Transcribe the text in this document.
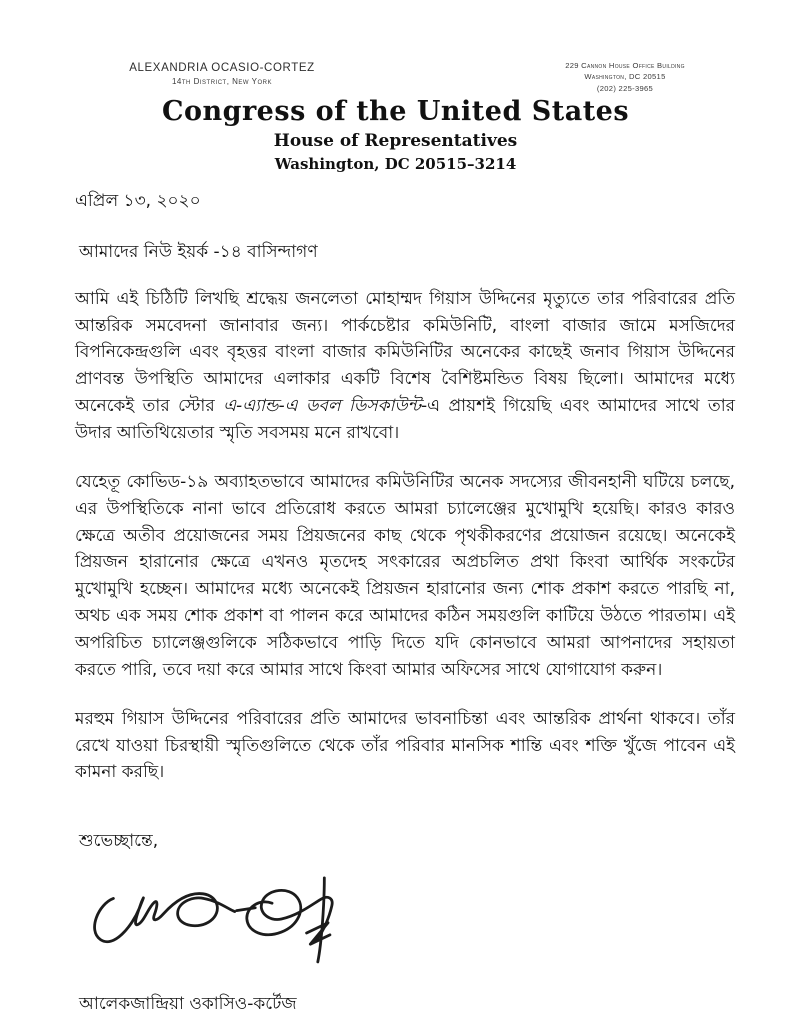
ALEXANDRIA OCASIO-CORTEZ
14th District, New York
229 Cannon House Office Building
Washington, DC 20515
(202) 225-3965
Congress of the United States
House of Representatives
Washington, DC 20515–3214
এপ্রিল ১৩, ২০২০
আমাদের নিউ ইয়র্ক -১৪ বাসিন্দাগণ

আমি এই চিঠিটি লিখছি শ্রদ্ধেয় জনলেতা মোহাম্মদ গিয়াস উদ্দিনের মৃত্যুতে তার পরিবারের প্রতি আন্তরিক সমবেদনা জানাবার জন্য। পার্কচেষ্টার কমিউনিটি, বাংলা বাজার জামে মসজিদের বিপনিকেন্দ্রগুলি এবং বৃহত্তর বাংলা বাজার কমিউনিটির অনেকের কাছেই জনাব গিয়াস উদ্দিনের প্রাণবন্ত উপস্থিতি আমাদের এলাকার একটি বিশেষ বৈশিষ্টমন্ডিত বিষয় ছিলো। আমাদের মধ্যে অনেকেই তার স্টোর এ-এ্যান্ড-এ ডবল ডিসকাউন্ট-এ প্রায়শই গিয়েছি এবং আমাদের সাথে তার উদার আতিথিয়েতার স্মৃতি সবসময় মনে রাখবো।

যেহেতূ কোভিড-১৯ অব্যাহতভাবে আমাদের কমিউনিটির অনেক সদস্যের জীবনহানী ঘটিয়ে চলছে, এর উপস্থিতিকে নানা ভাবে প্রতিরোধ করতে আমরা চ্যালেঞ্জের মুখোমুখি হয়েছি। কারও কারও ক্ষেত্রে অতীব প্রয়োজনের সময় প্রিয়জনের কাছ থেকে পৃথকীকরণের প্রয়োজন রয়েছে। অনেকেই প্রিয়জন হারানোর ক্ষেত্রে এখনও মৃতদেহ সৎকারের অপ্রচলিত প্রথা কিংবা আর্থিক সংকটের মুখোমুখি হচ্ছেন। আমাদের মধ্যে অনেকেই প্রিয়জন হারানোর জন্য শোক প্রকাশ করতে পারছি না, অথচ এক সময় শোক প্রকাশ বা পালন করে আমাদের কঠিন সময়গুলি কাটিয়ে উঠতে পারতাম। এই অপরিচিত চ্যালেঞ্জগুলিকে সঠিকভাবে পাড়ি দিতে যদি কোনভাবে আমরা আপনাদের সহায়তা করতে পারি, তবে দয়া করে আমার সাথে কিংবা আমার অফিসের সাথে যোগাযোগ করুন।

মরহুম গিয়াস উদ্দিনের পরিবারের প্রতি আমাদের ভাবনাচিন্তা এবং আন্তরিক প্রার্থনা থাকবে। তাঁর রেখে যাওয়া চিরস্থায়ী স্মৃতিগুলিতে থেকে তাঁর পরিবার মানসিক শান্তি এবং শক্তি খুঁজে পাবেন এই কামনা করছি।

শুভেচ্ছান্তে,
আলেকজান্দ্রিয়া ওকাসিও-কর্টেজ
